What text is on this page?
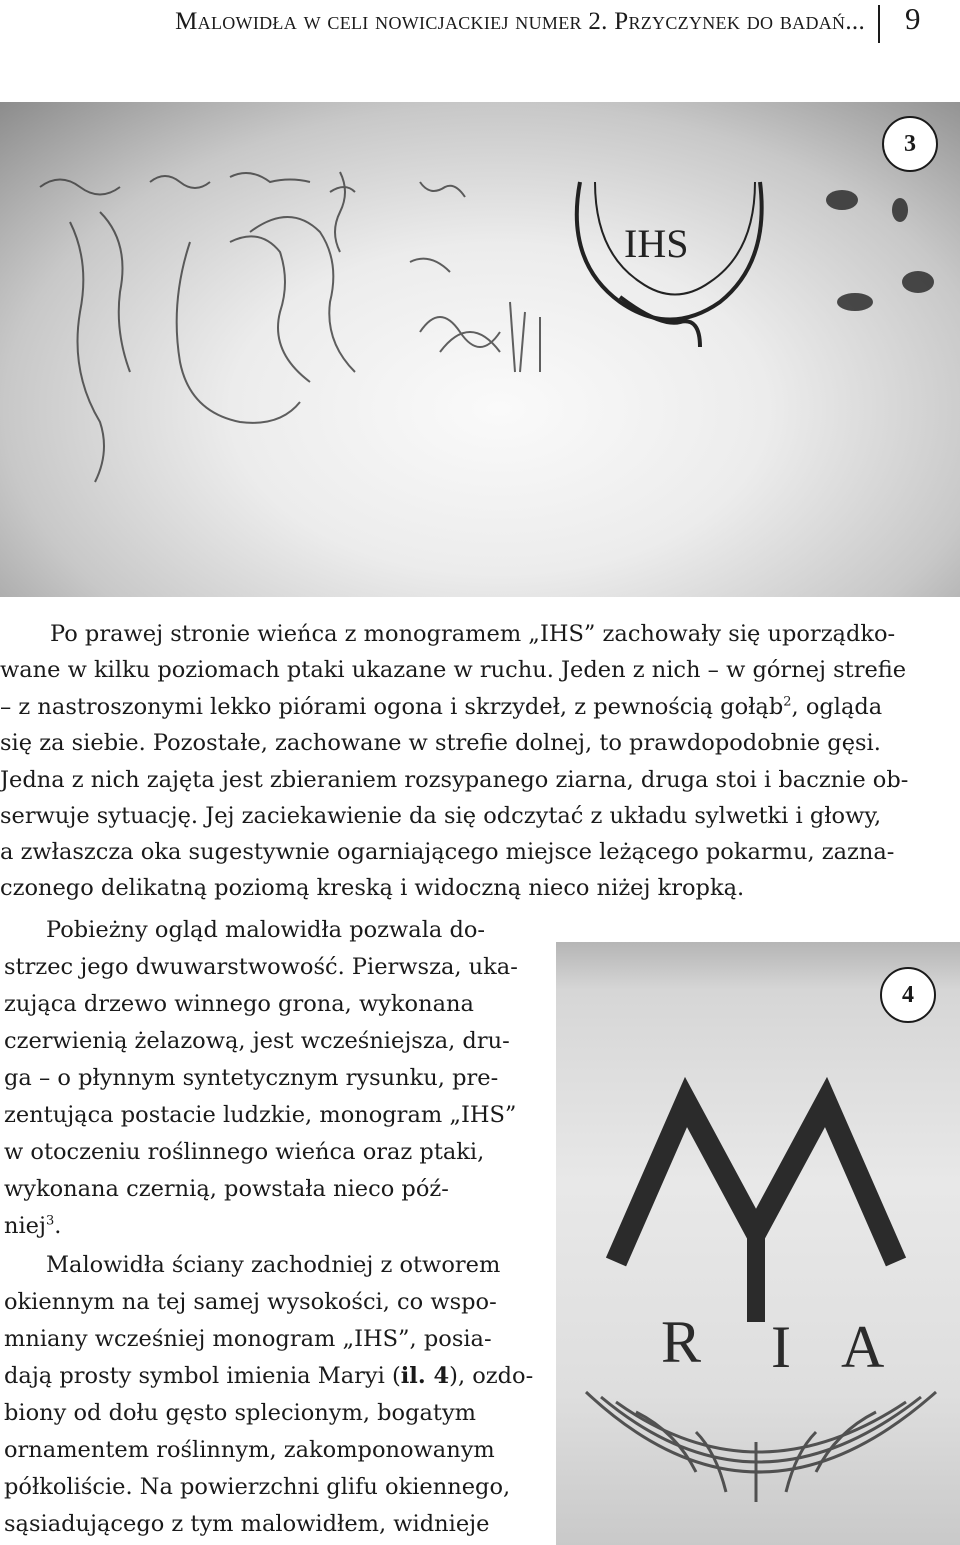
Malowidła w celi nowicjackiej numer 2. Przyczynek do badań... 9
IHS
3
Po prawej stronie wieńca z monogramem „IHS” zachowały się uporządko-
wane w kilku poziomach ptaki ukazane w ruchu. Jeden z nich – w górnej strefie
– z nastroszonymi lekko piórami ogona i skrzydeł, z pewnością gołąb$^2$, ogląda
się za siebie. Pozostałe, zachowane w strefie dolnej, to prawdopodobnie gęsi.
Jedna z nich zajęta jest zbieraniem rozsypanego ziarna, druga stoi i bacznie ob-
serwuje sytuację. Jej zaciekawienie da się odczytać z układu sylwetki i głowy,
a zwłaszcza oka sugestywnie ogarniającego miejsce leżącego pokarmu, zazna-
czonego delikatną poziomą kreską i widoczną nieco niżej kropką.
Pobieżny ogląd malowidła pozwala do-
strzec jego dwuwarstwowość. Pierwsza, uka-
zująca drzewo winnego grona, wykonana
czerwienią żelazową, jest wcześniejsza, dru-
ga – o płynnym syntetycznym rysunku, pre-
zentująca postacie ludzkie, monogram „IHS”
w otoczeniu roślinnego wieńca oraz ptaki,
wykonana czernią, powstała nieco póź-
niej$^3$.
Malowidła ściany zachodniej z otworem
okiennym na tej samej wysokości, co wspo-
mniany wcześniej monogram „IHS”, posia-
dają prosty symbol imienia Maryi (il. 4), ozdo-
biony od dołu gęsto splecionym, bogatym
ornamentem roślinnym, zakomponowanym
półkoliście. Na powierzchni glifu okiennego,
sąsiadującego z tym malowidłem, widnieje
R I A
4
